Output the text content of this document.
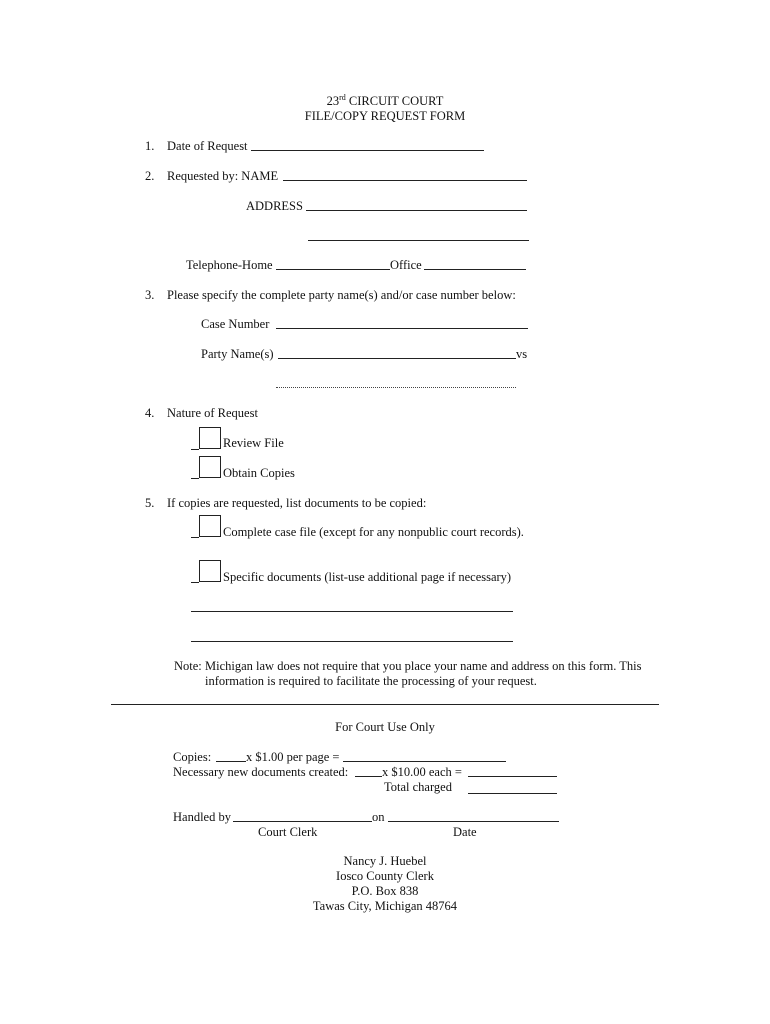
23rd CIRCUIT COURT
FILE/COPY REQUEST FORM
1. Date of Request
2. Requested by: NAME
ADDRESS
Telephone-Home	Office
3. Please specify the complete party name(s) and/or case number below:
Case Number
Party Name(s)	vs
4. Nature of Request
Review File
Obtain Copies
5. If copies are requested, list documents to be copied:
Complete case file (except for any nonpublic court records).
Specific documents (list-use additional page if necessary)
Note: Michigan law does not require that you place your name and address on this form. This
information is required to facilitate the processing of your request.
For Court Use Only
Copies:	x $1.00 per page =
Necessary new documents created:	x $10.00 each =
Total charged
Handled by	on
Court Clerk	Date
Nancy J. Huebel
Iosco County Clerk
P.O. Box 838
Tawas City, Michigan 48764
